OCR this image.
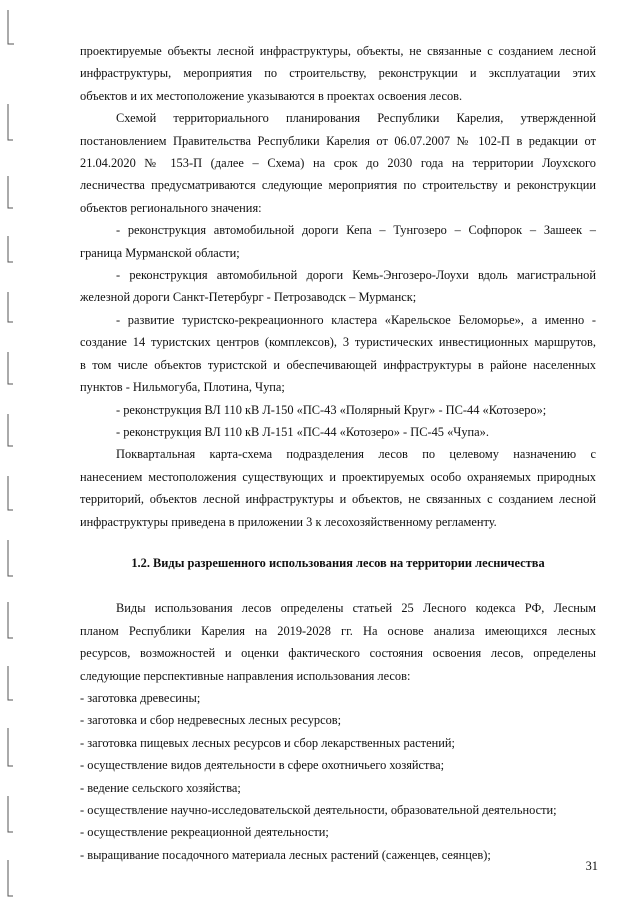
проектируемые объекты лесной инфраструктуры, объекты, не связанные с созданием лесной
инфраструктуры, мероприятия по строительству, реконструкции и эксплуатации этих
объектов и их местоположение указываются в проектах освоения лесов.
Схемой территориального планирования Республики Карелия, утвержденной
постановлением Правительства Республики Карелия от 06.07.2007 № 102-П в редакции от
21.04.2020 № 153-П (далее – Схема) на срок до 2030 года на территории Лоухского
лесничества предусматриваются следующие мероприятия по строительству и реконструкции
объектов регионального значения:
- реконструкция автомобильной дороги Кепа – Тунгозеро – Софпорок – Зашеек –
граница Мурманской области;
- реконструкция автомобильной дороги Кемь-Энгозеро-Лоухи вдоль магистральной
железной дороги Санкт-Петербург - Петрозаводск – Мурманск;
- развитие туристско-рекреационного кластера «Карельское Беломорье», а именно -
создание 14 туристских центров (комплексов), 3 туристических инвестиционных маршрутов,
в том числе объектов туристской и обеспечивающей инфраструктуры в районе населенных
пунктов - Нильмогуба, Плотина, Чупа;
- реконструкция ВЛ 110 кВ Л-150 «ПС-43 «Полярный Круг» - ПС-44 «Котозеро»;
- реконструкция ВЛ 110 кВ Л-151 «ПС-44 «Котозеро» - ПС-45 «Чупа».
Поквартальная карта-схема подразделения лесов по целевому назначению с
нанесением местоположения существующих и проектируемых особо охраняемых природных
территорий, объектов лесной инфраструктуры и объектов, не связанных с созданием лесной
инфраструктуры приведена в приложении 3 к лесохозяйственному регламенту.
1.2. Виды разрешенного использования лесов на территории лесничества
Виды использования лесов определены статьей 25 Лесного кодекса РФ, Лесным
планом Республики Карелия на 2019-2028 гг. На основе анализа имеющихся лесных
ресурсов, возможностей и оценки фактического состояния освоения лесов, определены
следующие перспективные направления использования лесов:
- заготовка древесины;
- заготовка и сбор недревесных лесных ресурсов;
- заготовка пищевых лесных ресурсов и сбор лекарственных растений;
- осуществление видов деятельности в сфере охотничьего хозяйства;
- ведение сельского хозяйства;
- осуществление научно-исследовательской деятельности, образовательной деятельности;
- осуществление рекреационной деятельности;
- выращивание посадочного материала лесных растений (саженцев, сеянцев);
31
